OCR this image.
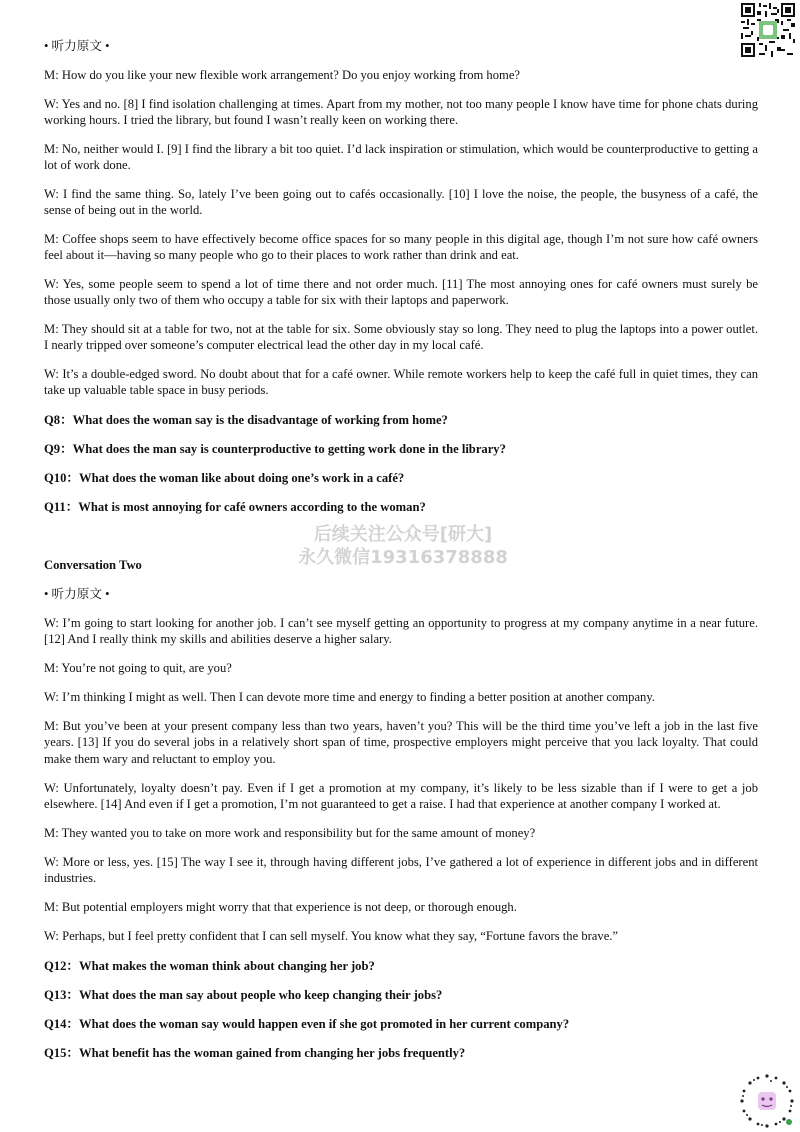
• 听力原文 •
M: How do you like your new flexible work arrangement? Do you enjoy working from home?
W: Yes and no. [8] I find isolation challenging at times. Apart from my mother, not too many people I know have time for phone chats during working hours. I tried the library, but found I wasn’t really keen on working there.
M: No, neither would I. [9] I find the library a bit too quiet. I’d lack inspiration or stimulation, which would be counterproductive to getting a lot of work done.
W: I find the same thing. So, lately I’ve been going out to cafés occasionally. [10] I love the noise, the people, the busyness of a café, the sense of being out in the world.
M: Coffee shops seem to have effectively become office spaces for so many people in this digital age, though I’m not sure how café owners feel about it—having so many people who go to their places to work rather than drink and eat.
W: Yes, some people seem to spend a lot of time there and not order much. [11] The most annoying ones for café owners must surely be those usually only two of them who occupy a table for six with their laptops and paperwork.
M: They should sit at a table for two, not at the table for six. Some obviously stay so long. They need to plug the laptops into a power outlet. I nearly tripped over someone’s computer electrical lead the other day in my local café.
W: It’s a double-edged sword. No doubt about that for a café owner. While remote workers help to keep the café full in quiet times, they can take up valuable table space in busy periods.
Q8：What does the woman say is the disadvantage of working from home?
Q9：What does the man say is counterproductive to getting work done in the library?
Q10：What does the woman like about doing one’s work in a café?
Q11：What is most annoying for café owners according to the woman?
后续关注公众号[研大]
永久微信19316378888
Conversation Two
• 听力原文 •
W: I’m going to start looking for another job. I can’t see myself getting an opportunity to progress at my company anytime in a near future. [12] And I really think my skills and abilities deserve a higher salary.
M: You’re not going to quit, are you?
W: I’m thinking I might as well. Then I can devote more time and energy to finding a better position at another company.
M: But you’ve been at your present company less than two years, haven’t you? This will be the third time you’ve left a job in the last five years. [13] If you do several jobs in a relatively short span of time, prospective employers might perceive that you lack loyalty. That could make them wary and reluctant to employ you.
W: Unfortunately, loyalty doesn’t pay. Even if I get a promotion at my company, it’s likely to be less sizable than if I were to get a job elsewhere. [14] And even if I get a promotion, I’m not guaranteed to get a raise. I had that experience at another company I worked at.
M: They wanted you to take on more work and responsibility but for the same amount of money?
W: More or less, yes. [15] The way I see it, through having different jobs, I’ve gathered a lot of experience in different jobs and in different industries.
M: But potential employers might worry that that experience is not deep, or thorough enough.
W: Perhaps, but I feel pretty confident that I can sell myself. You know what they say, “Fortune favors the brave.”
Q12：What makes the woman think about changing her job?
Q13：What does the man say about people who keep changing their jobs?
Q14：What does the woman say would happen even if she got promoted in her current company?
Q15：What benefit has the woman gained from changing her jobs frequently?
